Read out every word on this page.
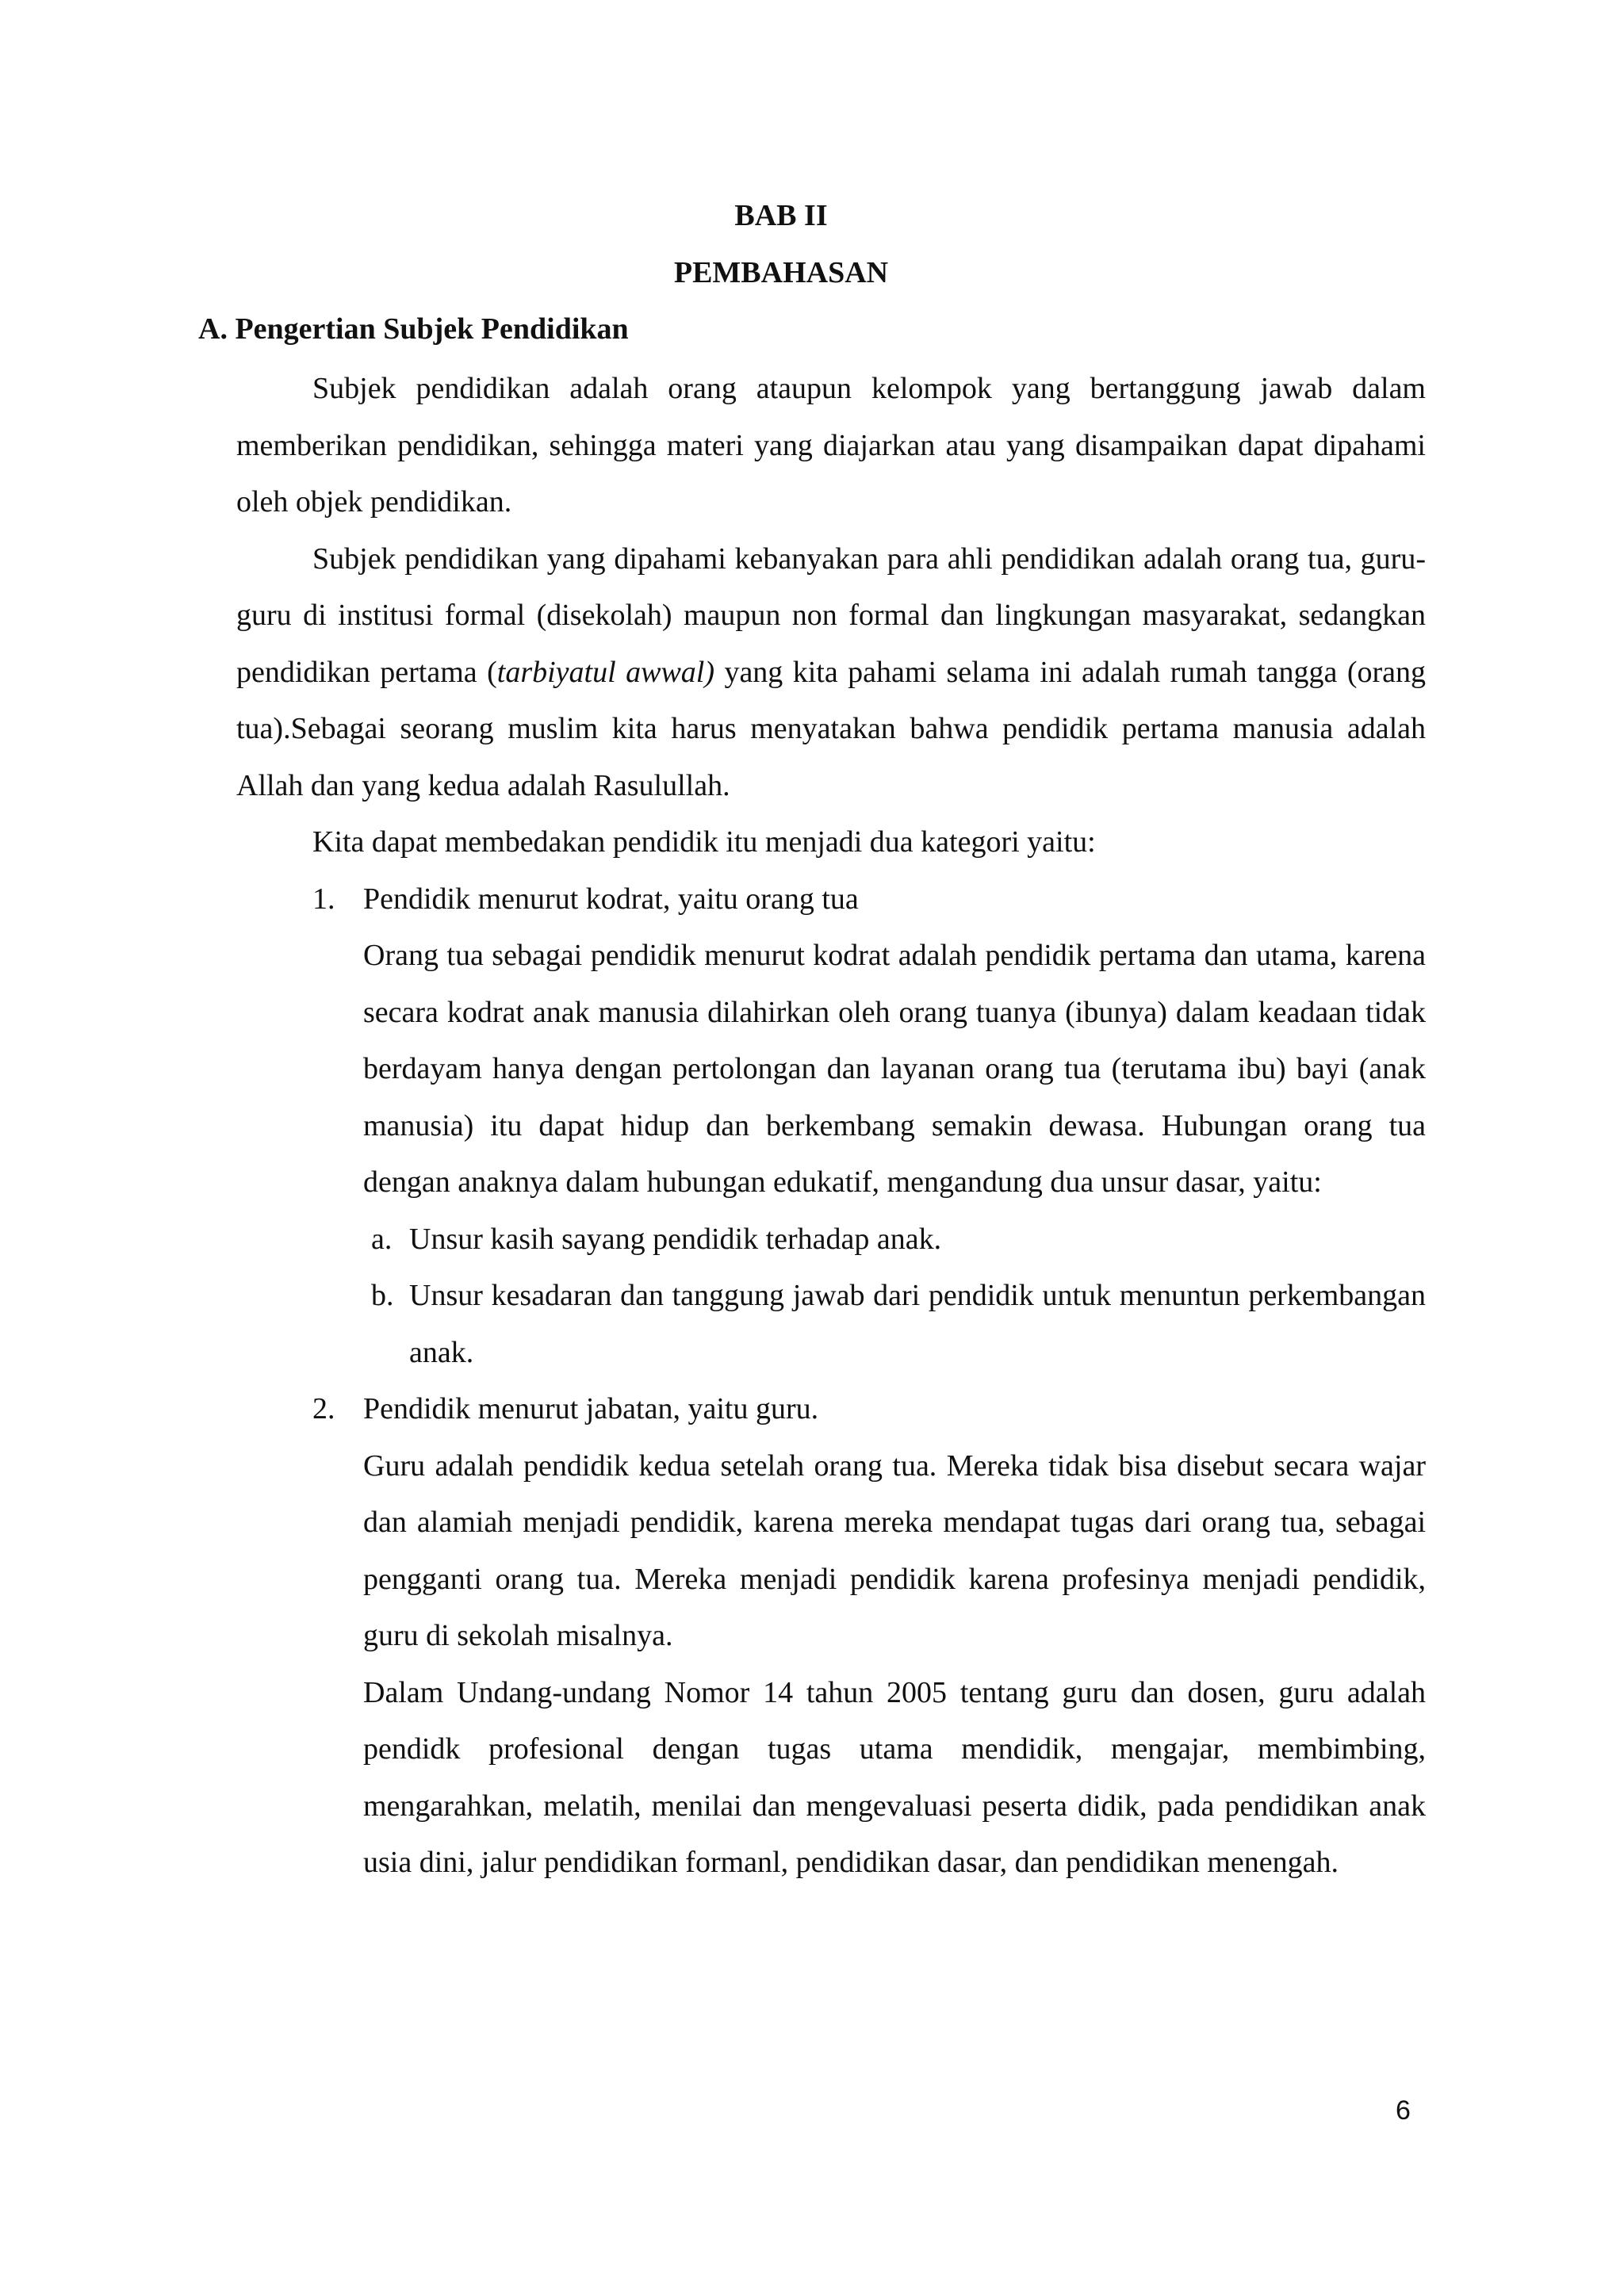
BAB II
PEMBAHASAN
A. Pengertian Subjek Pendidikan

Subjek pendidikan adalah orang ataupun kelompok yang bertanggung jawab dalam memberikan pendidikan, sehingga materi yang diajarkan atau yang disampaikan dapat dipahami oleh objek pendidikan.

Subjek pendidikan yang dipahami kebanyakan para ahli pendidikan adalah orang tua, guru-guru di institusi formal (disekolah) maupun non formal dan lingkungan masyarakat, sedangkan pendidikan pertama (tarbiyatul awwal) yang kita pahami selama ini adalah rumah tangga (orang tua).Sebagai seorang muslim kita harus menyatakan bahwa pendidik pertama manusia adalah Allah dan yang kedua adalah Rasulullah.

Kita dapat membedakan pendidik itu menjadi dua kategori yaitu:
1. Pendidik menurut kodrat, yaitu orang tua

Orang tua sebagai pendidik menurut kodrat adalah pendidik pertama dan utama, karena secara kodrat anak manusia dilahirkan oleh orang tuanya (ibunya) dalam keadaan tidak berdayam hanya dengan pertolongan dan layanan orang tua (terutama ibu) bayi (anak manusia) itu dapat hidup dan berkembang semakin dewasa. Hubungan orang tua dengan anaknya dalam hubungan edukatif, mengandung dua unsur dasar, yaitu:

a. Unsur kasih sayang pendidik terhadap anak.
b. Unsur kesadaran dan tanggung jawab dari pendidik untuk menuntun perkembangan anak.
2. Pendidik menurut jabatan, yaitu guru.

Guru adalah pendidik kedua setelah orang tua. Mereka tidak bisa disebut secara wajar dan alamiah menjadi pendidik, karena mereka mendapat tugas dari orang tua, sebagai pengganti orang tua. Mereka menjadi pendidik karena profesinya menjadi pendidik, guru di sekolah misalnya.

Dalam Undang-undang Nomor 14 tahun 2005 tentang guru dan dosen, guru adalah pendidk profesional dengan tugas utama mendidik, mengajar, membimbing, mengarahkan, melatih, menilai dan mengevaluasi peserta didik, pada pendidikan anak usia dini, jalur pendidikan formanl, pendidikan dasar, dan pendidikan menengah.

6
